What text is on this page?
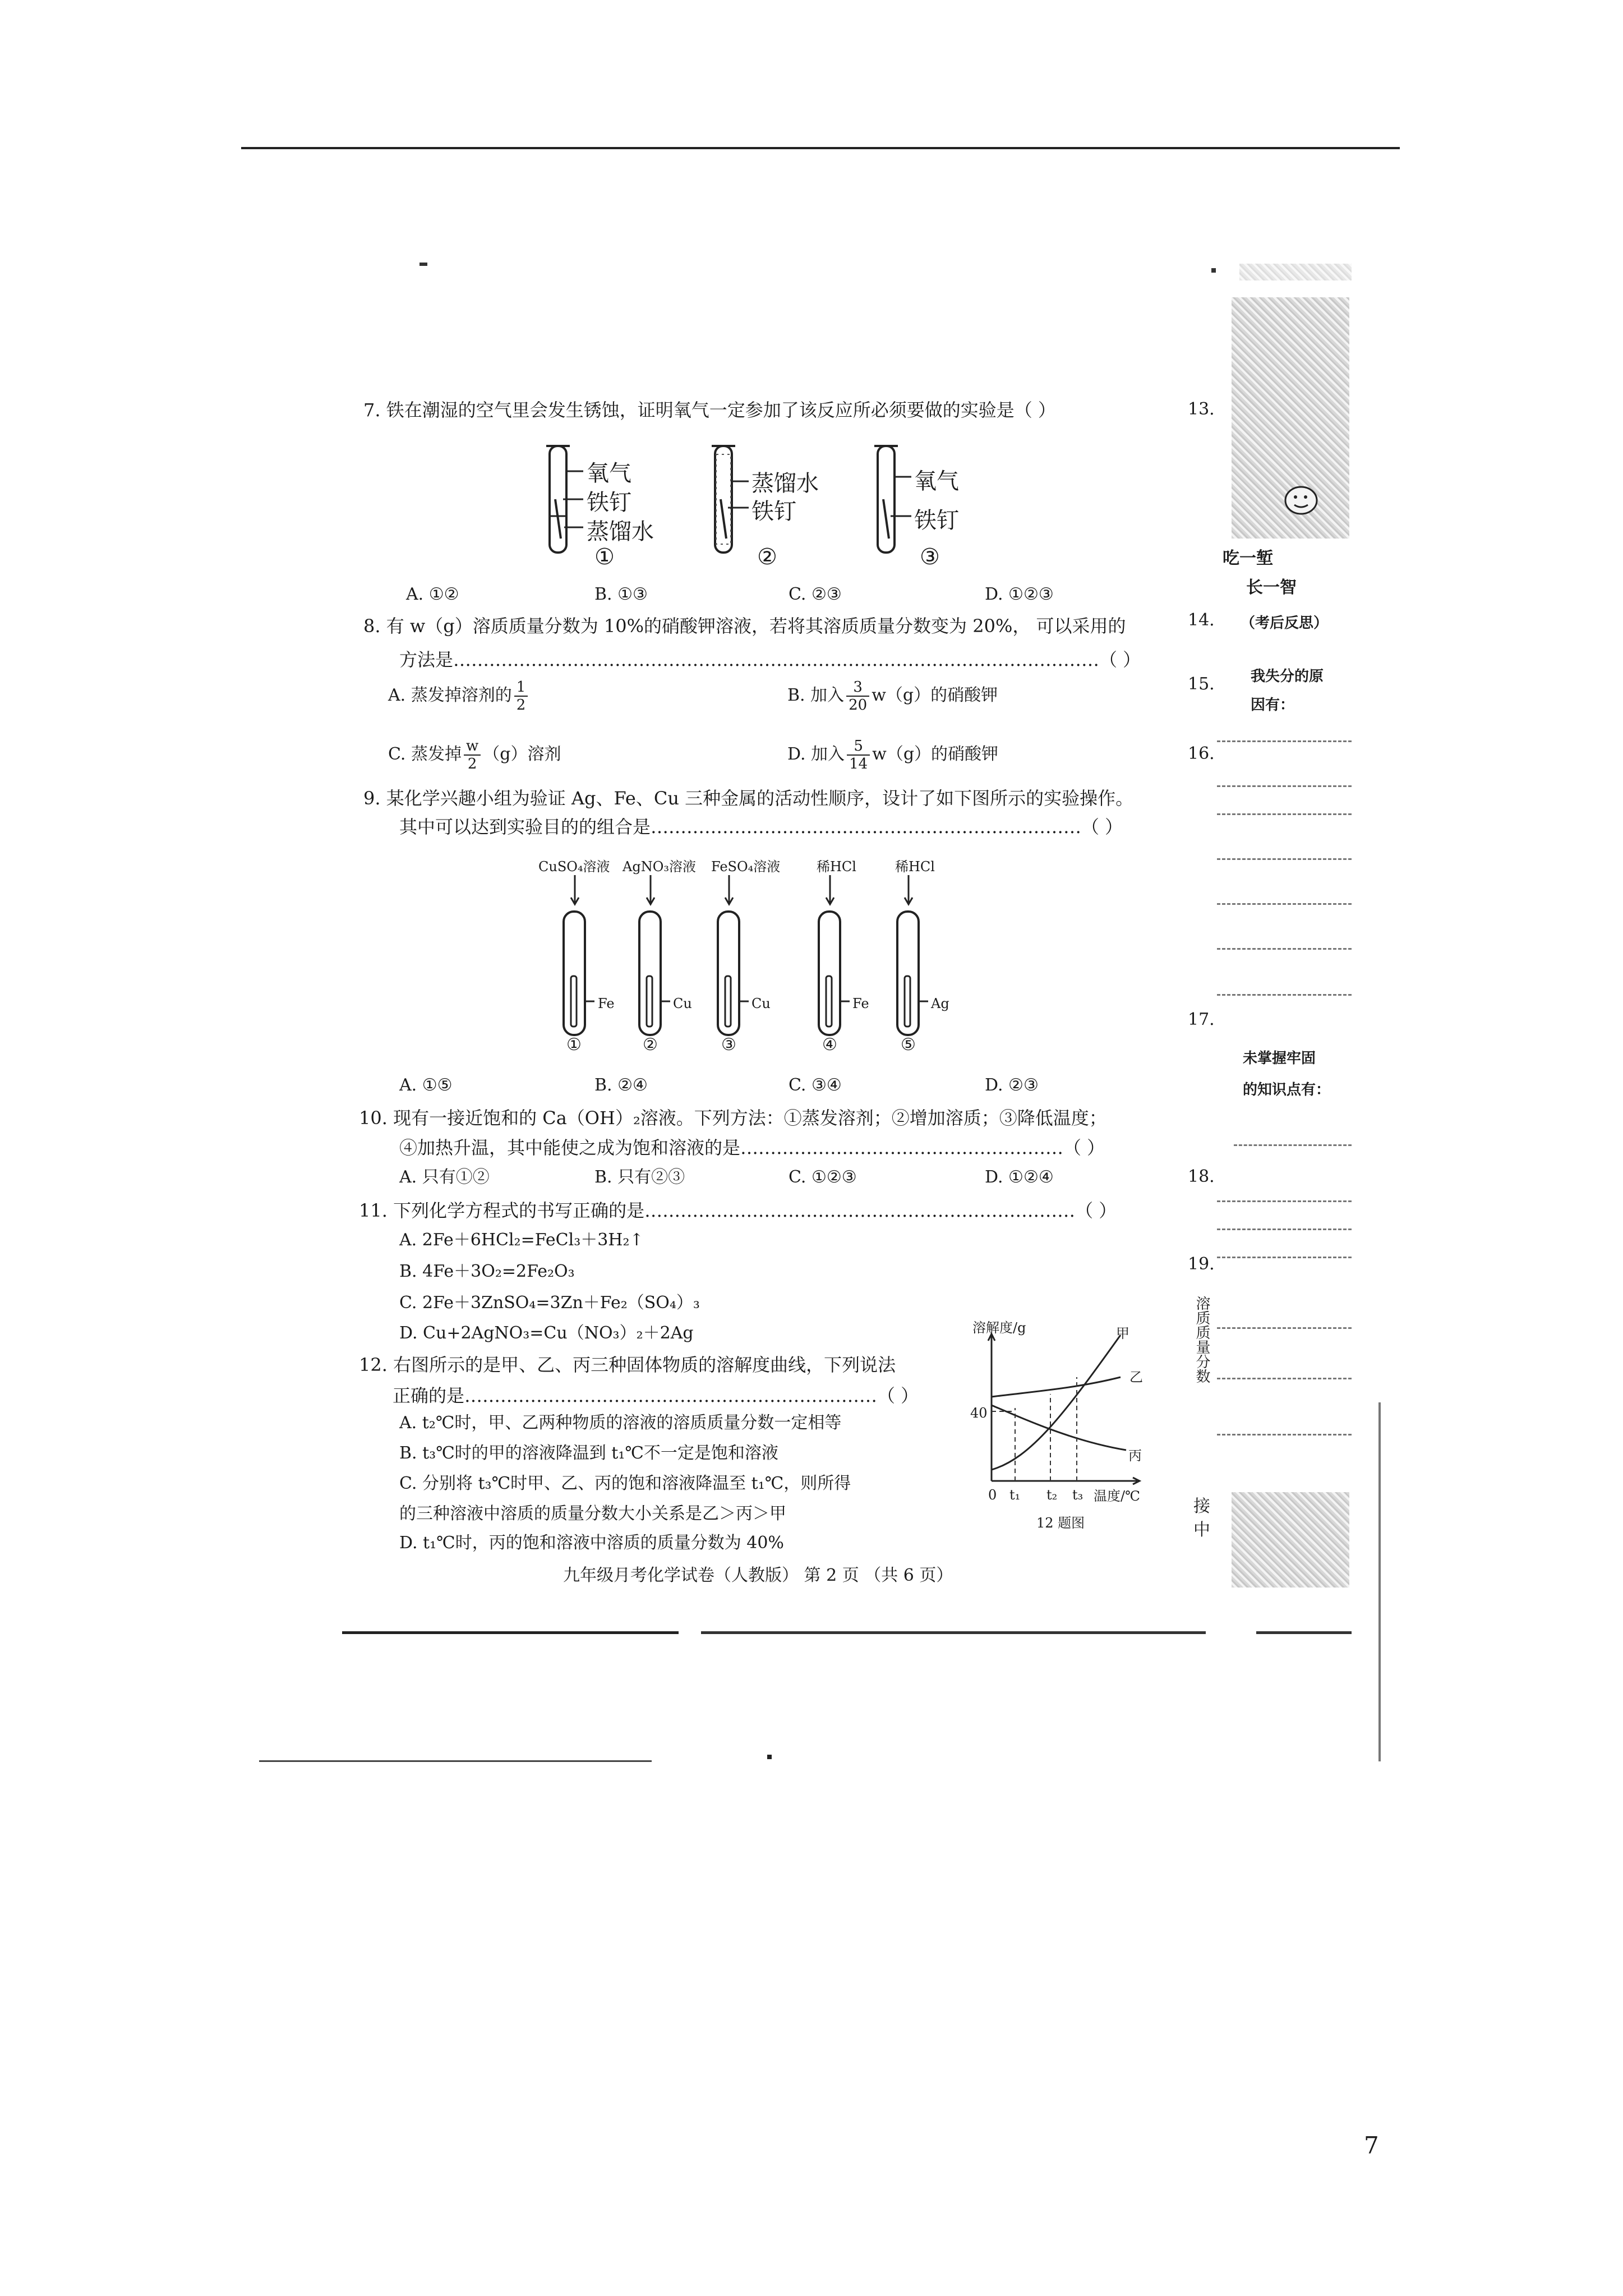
7. 铁在潮湿的空气里会发生锈蚀，证明氧气一定参加了该反应所必须要做的实验是（ ）
氧气
铁钉
蒸馏水
①
蒸馏水
铁钉
②
氧气
铁钉
③
A. ①②	B. ①③	C. ②③	D. ①②③
8. 有 w（g）溶质质量分数为 10%的硝酸钾溶液，若将其溶质质量分数变为 20%， 可以采用的
方法是………………………………………………………………………………………………（ ）
A. 蒸发掉溶剂的 $\frac{1}{2}$	B. 加入 $\frac{3}{20} w(g)$的硝酸钾
C. 蒸发掉 $\frac{w}{2} (g)$溶剂	D. 加入 $\frac{5}{14} w(g)$的硝酸钾
9. 某化学兴趣小组为验证 Ag、Fe、Cu 三种金属的活动性顺序，设计了如下图所示的实验操作。
其中可以达到实验目的的组合是………………………………………………………………（ ）
CuSO₄溶液 AgNO₃溶液 FeSO₄溶液	稀HCl	稀HCl
Fe	Cu	Cu	Fe	Ag
①	②	③	④	⑤
A. ①⑤	B. ②④	C. ③④	D. ②③
10. 现有一接近饱和的 Ca（OH）₂溶液。下列方法：①蒸发溶剂；②增加溶质；③降低温度；
④加热升温，其中能使之成为饱和溶液的是………………………………………………（ ）
A. 只有①②	B. 只有②③	C. ①②③	D. ①②④
11. 下列化学方程式的书写正确的是………………………………………………………………（ ）
A. 2Fe＋6HCl₂=FeCl₃＋3H₂↑
B. 4Fe＋3O₂=2Fe₂O₃
C. 2Fe＋3ZnSO₄=3Zn＋Fe₂（SO₄）₃
D. Cu+2AgNO₃=Cu（NO₃）₂＋2Ag
12. 右图所示的是甲、乙、丙三种固体物质的溶解度曲线，下列说法
正确的是……………………………………………………………（ ）
A. t₂℃时，甲、乙两种物质的溶液的溶质质量分数一定相等
B. t₃℃时的甲的溶液降温到 t₁℃不一定是饱和溶液
C. 分别将 t₃℃时甲、乙、丙的饱和溶液降温至 t₁℃，则所得
的三种溶液中溶质的质量分数大小关系是乙＞丙＞甲
D. t₁℃时，丙的饱和溶液中溶质的质量分数为 40%
溶解度/g
40
甲
乙
丙
0 t₁ t₂ t₃ 温度/℃
12 题图
九年级月考化学试卷（人教版） 第 2 页 （共 6 页）
13.
吃一堑
长一智
14. （考后反思）
15. 我失分的原
因有：
16.
17.
未掌握牢固
的知识点有：
18.
19.
溶质质量分数
接
中
7
